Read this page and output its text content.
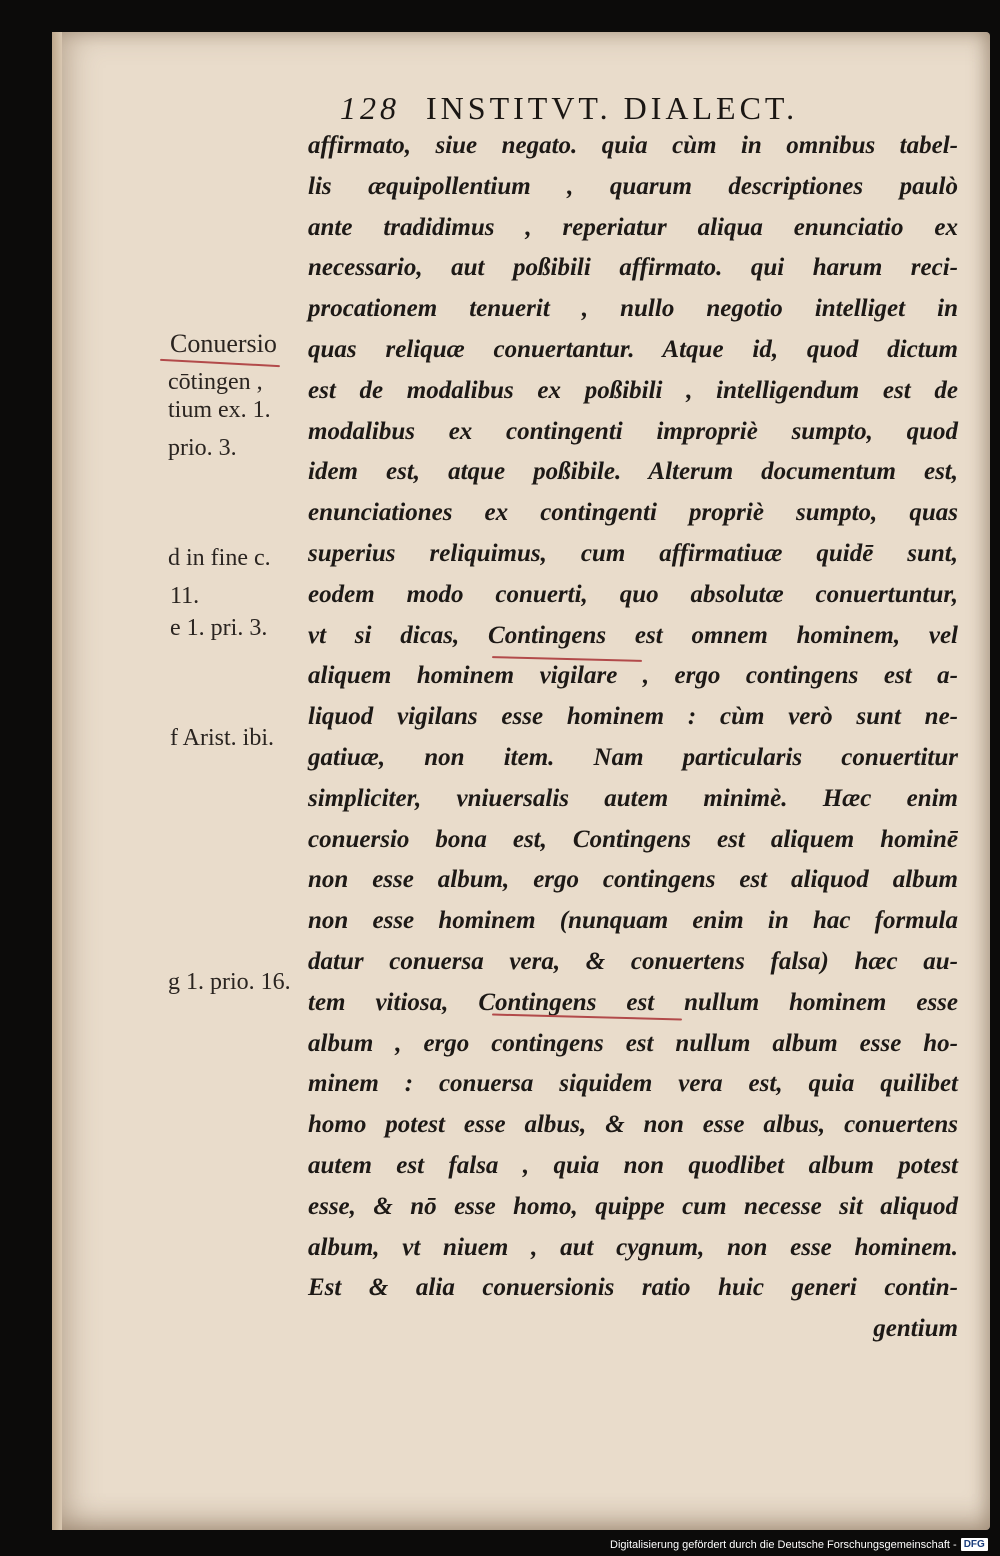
128 INSTITVT. DIALECT.
affirmato, siue negato. quia cùm in omnibus tabel-
lis æquipollentium , quarum descriptiones paulò
ante tradidimus , reperiatur aliqua enunciatio ex
necessario, aut poßibili affirmato. qui harum reci-
procationem tenuerit , nullo negotio intelliget in
quas reliquæ conuertantur. Atque id, quod dictum
est de modalibus ex poßibili , intelligendum est de
modalibus ex contingenti impropriè sumpto, quod
idem est, atque poßibile. Alterum documentum est,
enunciationes ex contingenti propriè sumpto, quas
superius reliquimus, cum affirmatiuæ quidē sunt,
eodem modo conuerti, quo absolutæ conuertuntur,
vt si dicas, Contingens est omnem hominem, vel
aliquem hominem vigilare , ergo contingens est a-
liquod vigilans esse hominem : cùm verò sunt ne-
gatiuæ, non item. Nam particularis conuertitur
simpliciter, vniuersalis autem minimè. Hæc enim
conuersio bona est, Contingens est aliquem hominē
non esse album, ergo contingens est aliquod album
non esse hominem (nunquam enim in hac formula
datur conuersa vera, & conuertens falsa) hæc au-
tem vitiosa, Contingens est nullum hominem esse
album , ergo contingens est nullum album esse ho-
minem : conuersa siquidem vera est, quia quilibet
homo potest esse albus, & non esse albus, conuertens
autem est falsa , quia non quodlibet album potest
esse, & nō esse homo, quippe cum necesse sit aliquod
album, vt niuem , aut cygnum, non esse hominem.
Est & alia conuersionis ratio huic generi contin-
gentium
Conuersio
cōtingen ,
tium ex. 1.
prio. 3.
d in fine c.
11.
e 1. pri. 3.
f Arist. ibi.
g 1. prio. 16.
Digitalisierung gefördert durch die Deutsche Forschungsgemeinschaft - DFG
